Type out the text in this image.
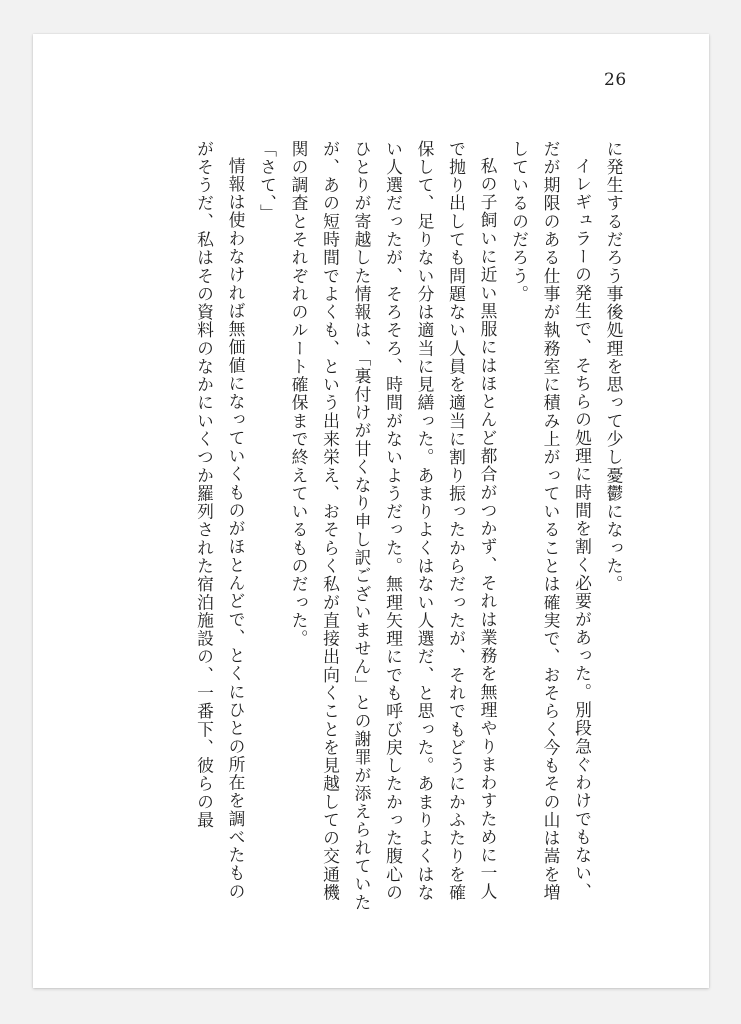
26

に発生するだろう事後処理を思って少し憂鬱になった。

イレギュラーの発生で、そちらの処理に時間を割く必要があった。別段急ぐわけでもない、だが期限のある仕事が執務室に積み上がっていることは確実で、おそらく今もその山は嵩を増しているのだろう。

私の子飼いに近い黒服にはほとんど都合がつかず、それは業務を無理やりまわすために一人で抛り出しても問題ない人員を適当に割り振ったからだったが、それでもどうにかふたりを確保して、足りない分は適当に見繕った。あまりよくはない人選だ、と思った。あまりよくはない人選だったが、そろそろ、時間がないようだった。無理矢理にでも呼び戻したかった腹心のひとりが寄越した情報は、「裏付けが甘くなり申し訳ございません」との謝罪が添えられていたが、あの短時間でよくも、という出来栄え、おそらく私が直接出向くことを見越しての交通機関の調査とそれぞれのルート確保まで終えているものだった。

「さて、」

情報は使わなければ無価値になっていくものがほとんどで、とくにひとの所在を調べたものがそうだ、私はその資料のなかにいくつか羅列された宿泊施設の、一番下、彼らの最
